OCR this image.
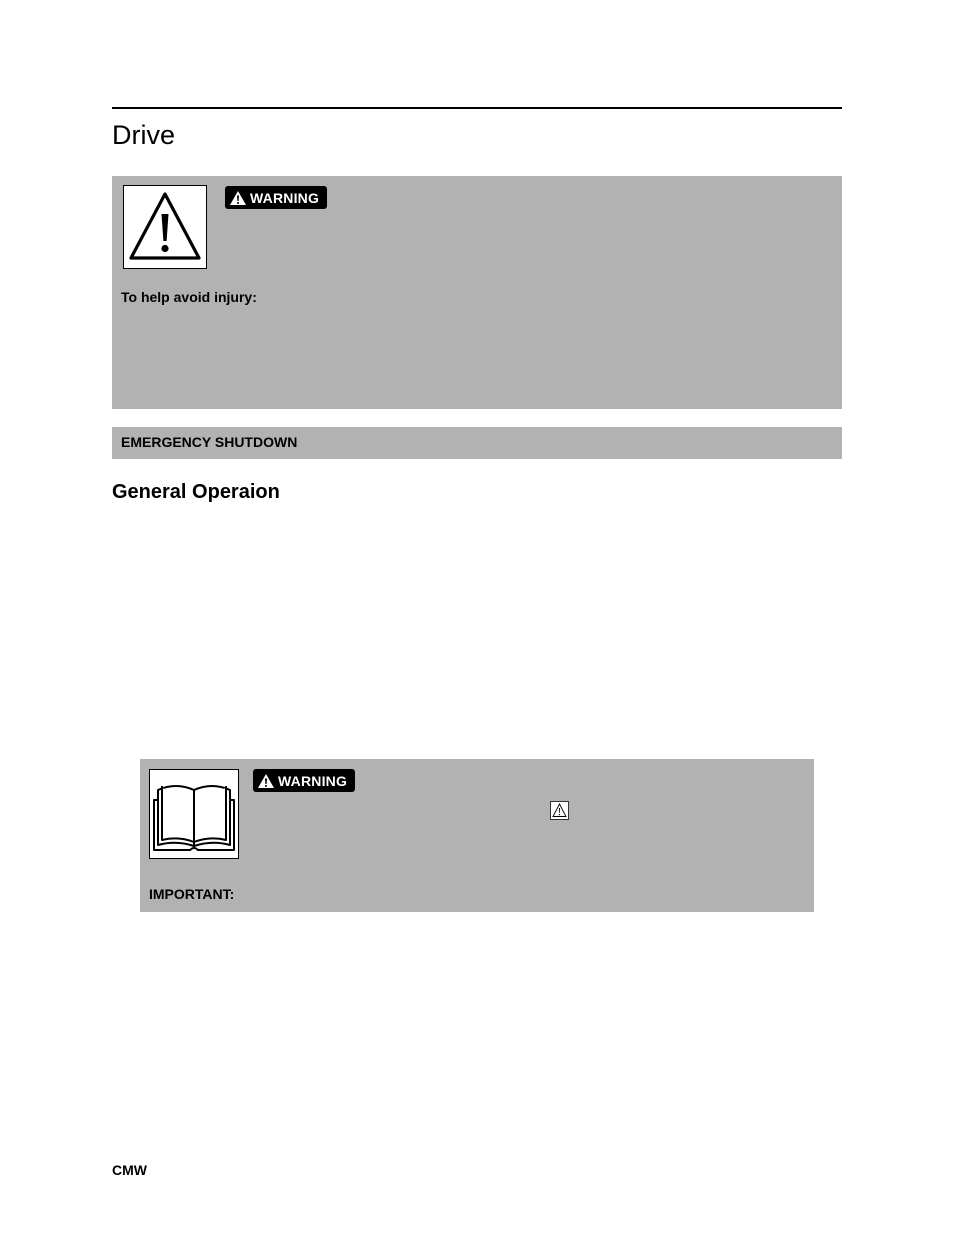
Drive
WARNING
To help avoid injury:
EMERGENCY SHUTDOWN
General Operaion
WARNING
IMPORTANT:
CMW
